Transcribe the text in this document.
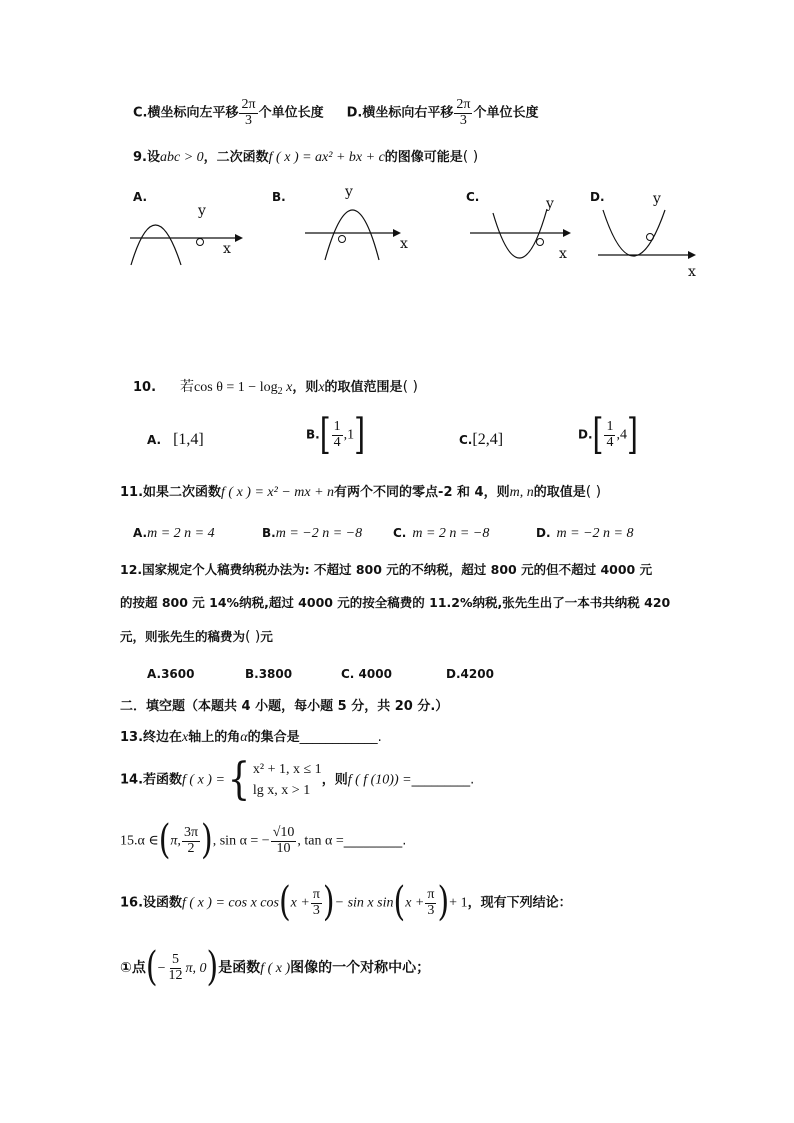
C.横坐标向左平移 $\frac{2\pi}{3}$ 个单位长度 D.横坐标向右平移 $\frac{2\pi}{3}$ 个单位长度
9.设abc > 0，二次函数f ( x ) = ax² + bx + c的图像可能是( )
A.	B.	C.	D.
y
x
y
x
y
x
y
x
10. 若$\cos \theta = 1 - \log_2 x$，则x的取值范围是( )
A. [1,4]	$B.[ \frac{1}{4} ,1]$	C.[2,4]	$D.[ \frac{1}{4} ,4]$
11.如果二次函数f ( x ) = x² − mx + n有两个不同的零点-2 和 4，则m, n的取值是( )
A.m = 2 n = 4	B.m = −2 n = −8	C. m = 2 n = −8	D. m = −2 n = 8
12.国家规定个人稿费纳税办法为: 不超过 800 元的不纳税，超过 800 元的但不超过 4000 元
的按超 800 元 14%纳税,超过 4000 元的按全稿费的 11.2%纳税,张先生出了一本书共纳税 420
元，则张先生的稿费为( )元
A.3600	B.3800	C. 4000	D.4200
二．填空题（本题共 4 小题，每小题 5 分，共 20 分.）
13.终边在x轴上的角α的集合是____________.
14.若函数f ( x ) ={ x² + 1, x ≤ 1
lg x, x > 1
，则f ( f (10)) =_________.
15.α ∈(π, $\frac{3\pi}{2}$ ), sin α = − $\frac{√10}{10}$ , tan α =_________.
16.设函数f ( x ) = cos x $\cos(x + \frac{\pi}{3}$ )− sin x $\sin(x + \frac{\pi}{3}$ )+ 1，现有下列结论：
①点(− $\frac{5}{12} \pi$, 0)是函数f ( x )图像的一个对称中心；
